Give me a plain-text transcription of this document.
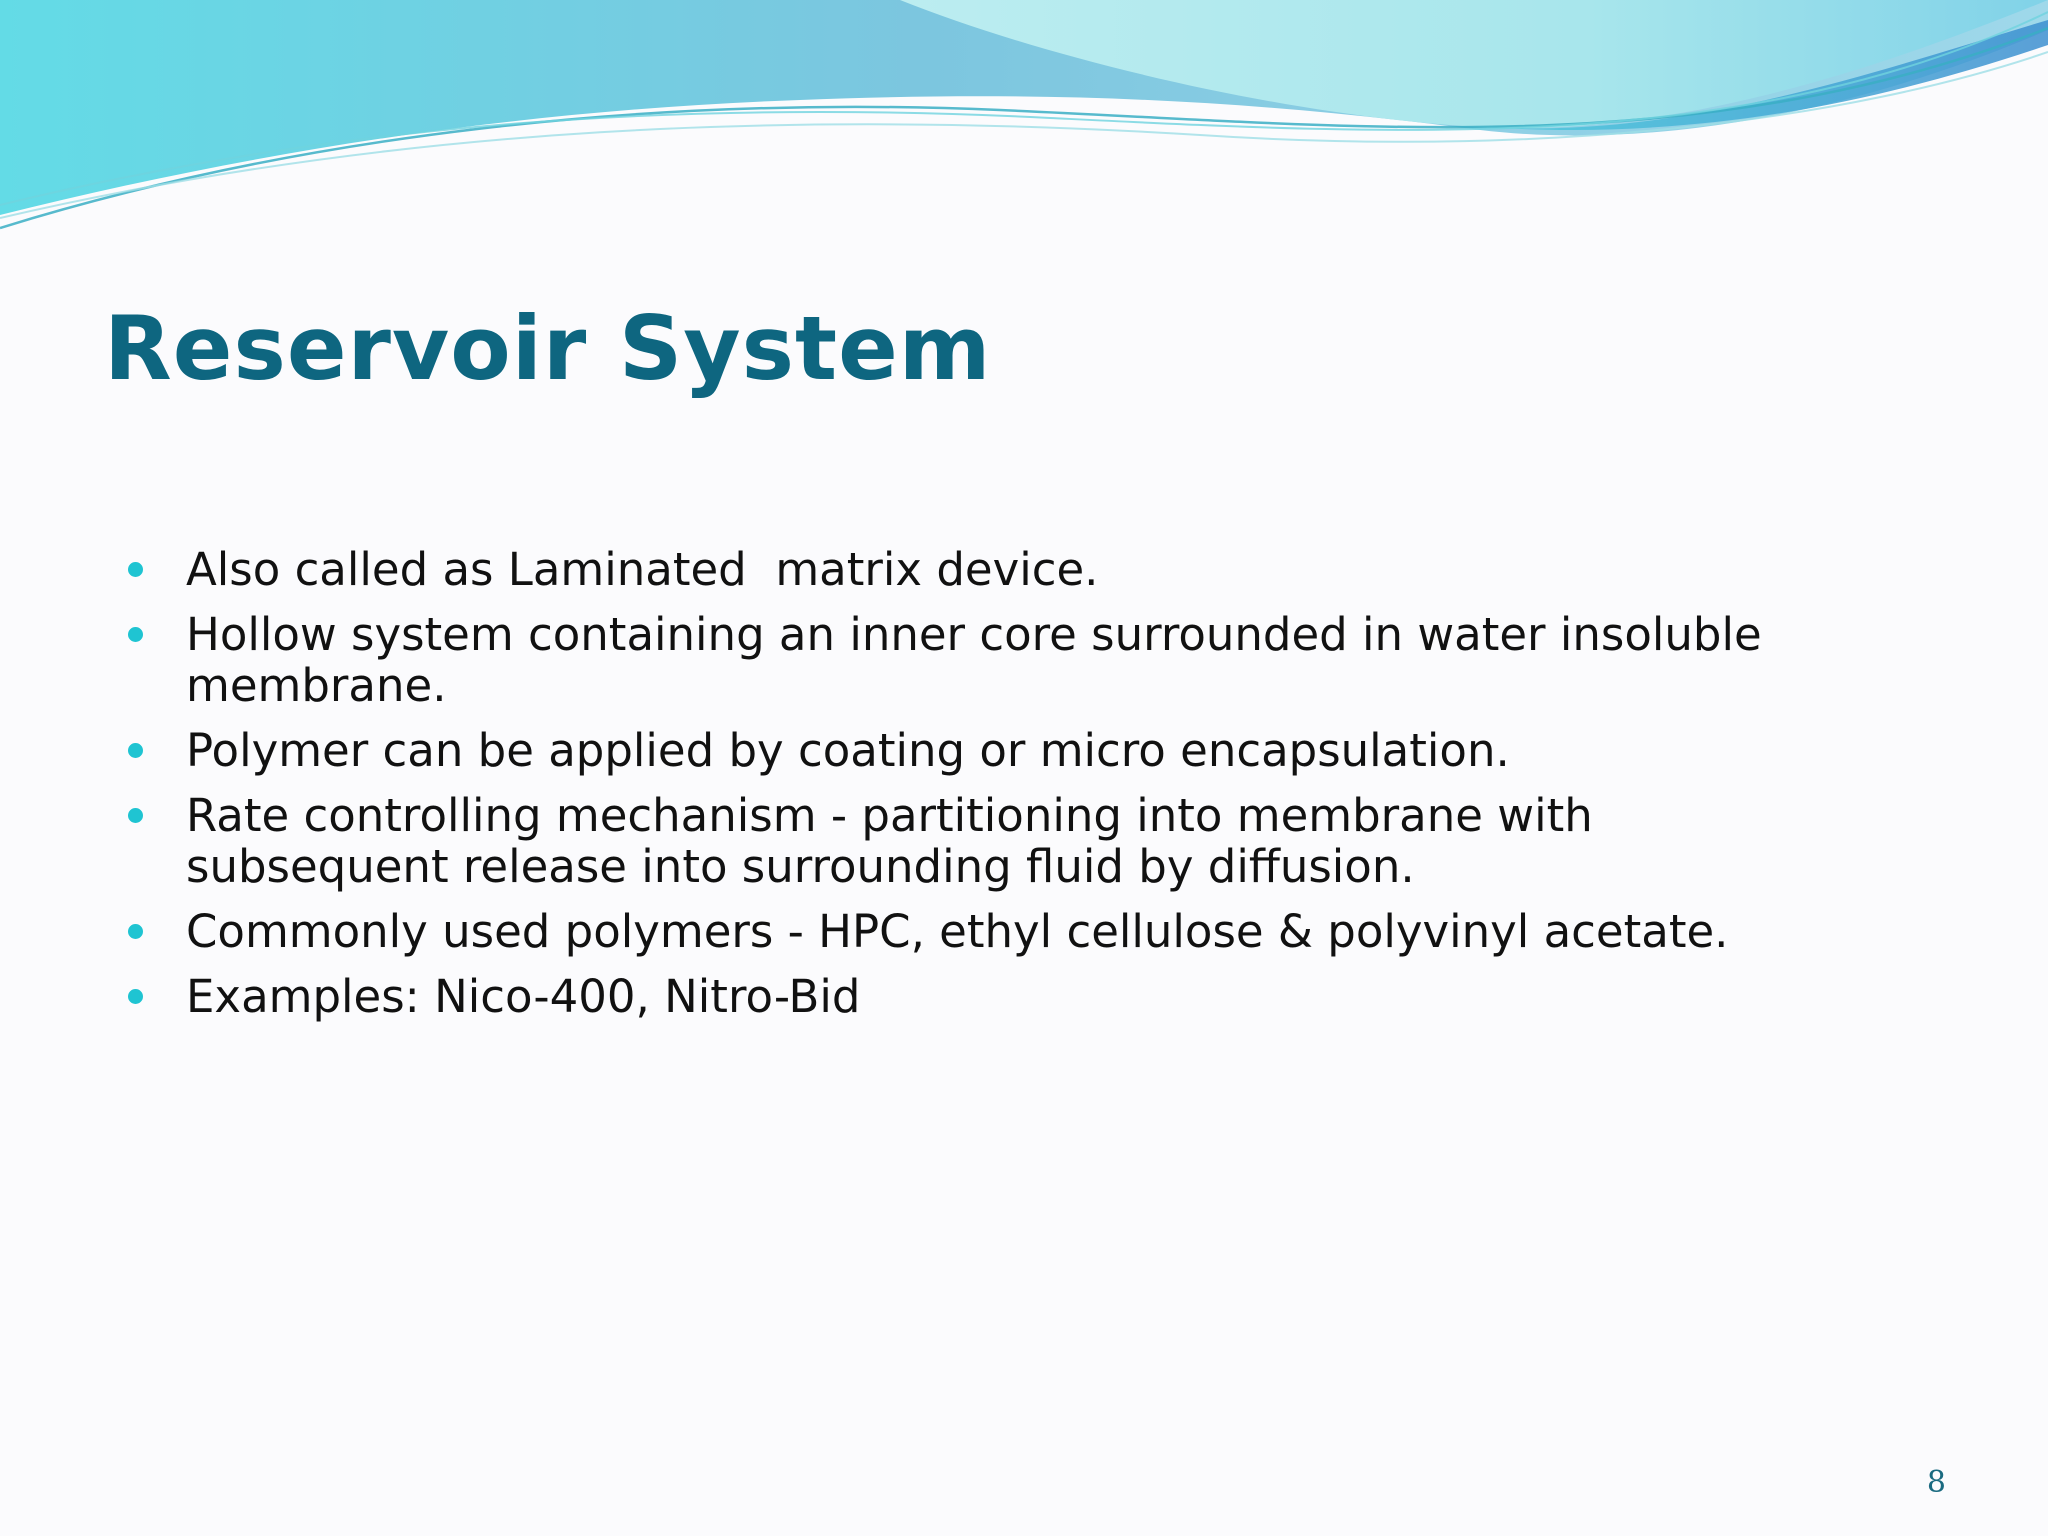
Reservoir System
Also called as Laminated  matrix device.
Hollow system containing an inner core surrounded in water insoluble membrane.
Polymer can be applied by coating or micro encapsulation.
Rate controlling mechanism - partitioning into membrane with subsequent release into surrounding fluid by diffusion.
Commonly used polymers - HPC, ethyl cellulose & polyvinyl acetate.
Examples: Nico-400, Nitro-Bid
8
